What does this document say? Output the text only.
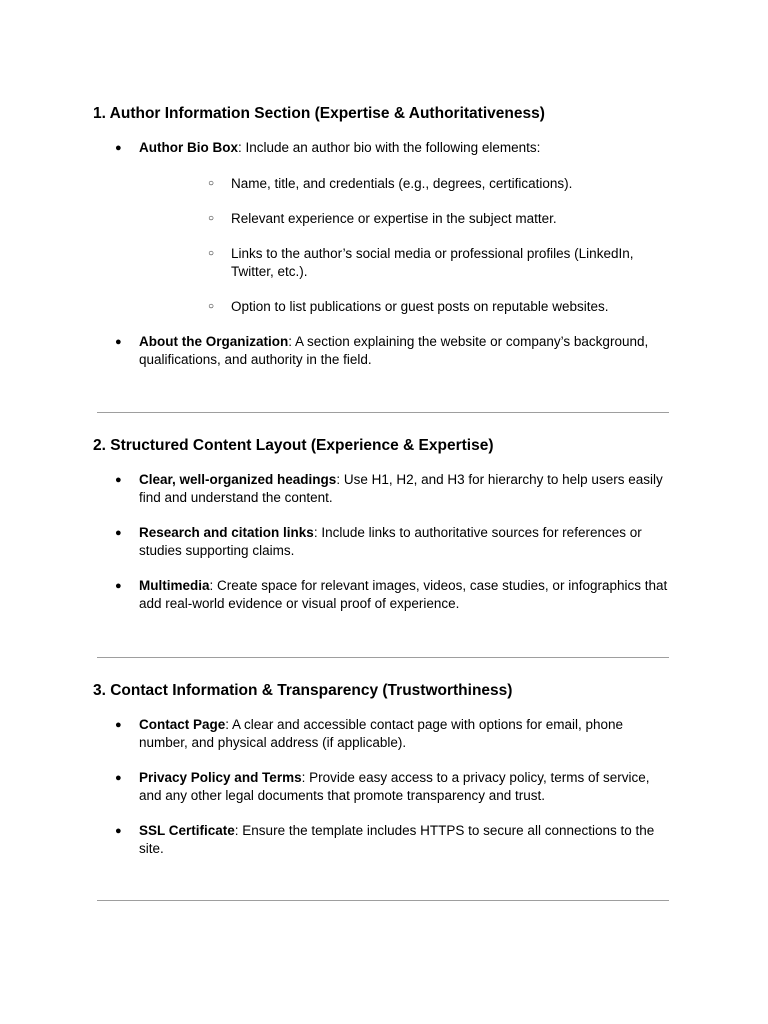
1. Author Information Section (Expertise & Authoritativeness)
● Author Bio Box: Include an author bio with the following elements:
○ Name, title, and credentials (e.g., degrees, certifications).
○ Relevant experience or expertise in the subject matter.
○ Links to the author’s social media or professional profiles (LinkedIn, Twitter, etc.).
○ Option to list publications or guest posts on reputable websites.
● About the Organization: A section explaining the website or company’s background, qualifications, and authority in the field.
2. Structured Content Layout (Experience & Expertise)
● Clear, well-organized headings: Use H1, H2, and H3 for hierarchy to help users easily find and understand the content.
● Research and citation links: Include links to authoritative sources for references or studies supporting claims.
● Multimedia: Create space for relevant images, videos, case studies, or infographics that add real-world evidence or visual proof of experience.
3. Contact Information & Transparency (Trustworthiness)
● Contact Page: A clear and accessible contact page with options for email, phone number, and physical address (if applicable).
● Privacy Policy and Terms: Provide easy access to a privacy policy, terms of service, and any other legal documents that promote transparency and trust.
● SSL Certificate: Ensure the template includes HTTPS to secure all connections to the site.
